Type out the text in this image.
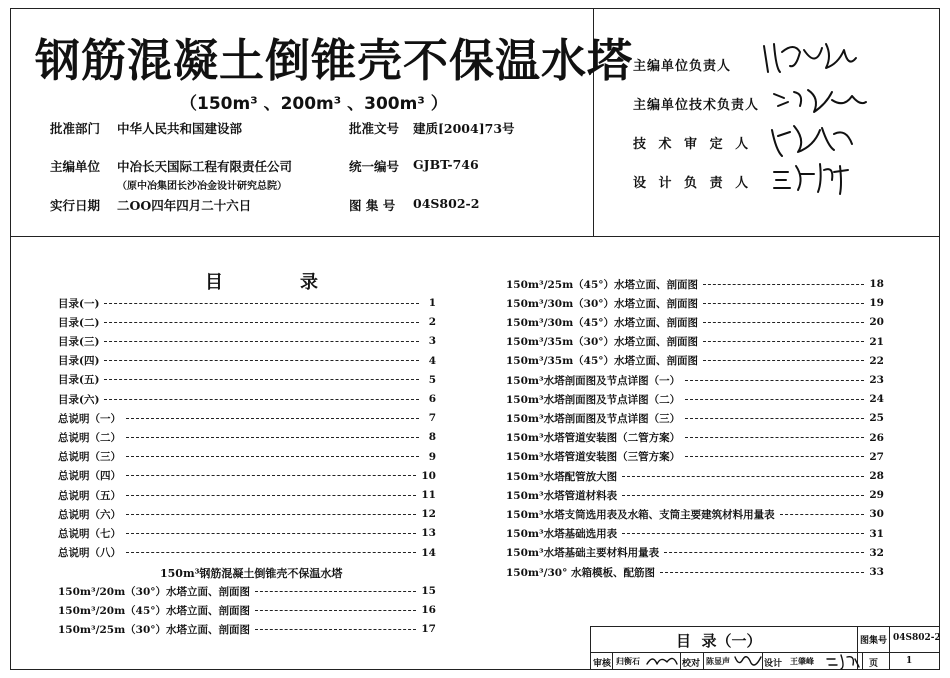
钢筋混凝土倒锥壳不保温水塔
（150m³ 、200m³ 、300m³ ）
批准部门 中华人民共和国建设部	批准文号 建质[2004]73号
主编单位 中冶长天国际工程有限责任公司
（原中冶集团长沙冶金设计研究总院）
统一编号 GJBT-746
实行日期 二OO四年四月二十六日	图 集 号 04S802-2
主编单位负责人
主编单位技术负责人
技 术 审 定 人
设 计 负 责 人
目	录
目录(一)	1
目录(二)	2
目录(三)	3
目录(四)	4
目录(五)	5
目录(六)	6
总说明（一）	7
总说明（二）	8
总说明（三）	9
总说明（四）	10
总说明（五）	11
总说明（六）	12
总说明（七）	13
总说明（八）	14
150m³钢筋混凝土倒锥壳不保温水塔
150m³/20m（30°）水塔立面、剖面图	15
150m³/20m（45°）水塔立面、剖面图	16
150m³/25m（30°）水塔立面、剖面图	17
150m³/25m（45°）水塔立面、剖面图	18
150m³/30m（30°）水塔立面、剖面图	19
150m³/30m（45°）水塔立面、剖面图	20
150m³/35m（30°）水塔立面、剖面图	21
150m³/35m（45°）水塔立面、剖面图	22
150m³水塔剖面图及节点详图（一）	23
150m³水塔剖面图及节点详图（二）	24
150m³水塔剖面图及节点详图（三）	25
150m³水塔管道安装图（二管方案）	26
150m³水塔管道安装图（三管方案）	27
150m³水塔配管放大图	28
150m³水塔管道材料表	29
150m³水塔支筒选用表及水箱、支筒主要建筑材料用量表	30
150m³水塔基础选用表	31
150m³水塔基础主要材料用量表	32
150m³/30° 水箱模板、配筋图	33
目  录（一）	图集号 04S802-2
审核 归衡石	校对 陈显声	设计 王肇峰	页	1
